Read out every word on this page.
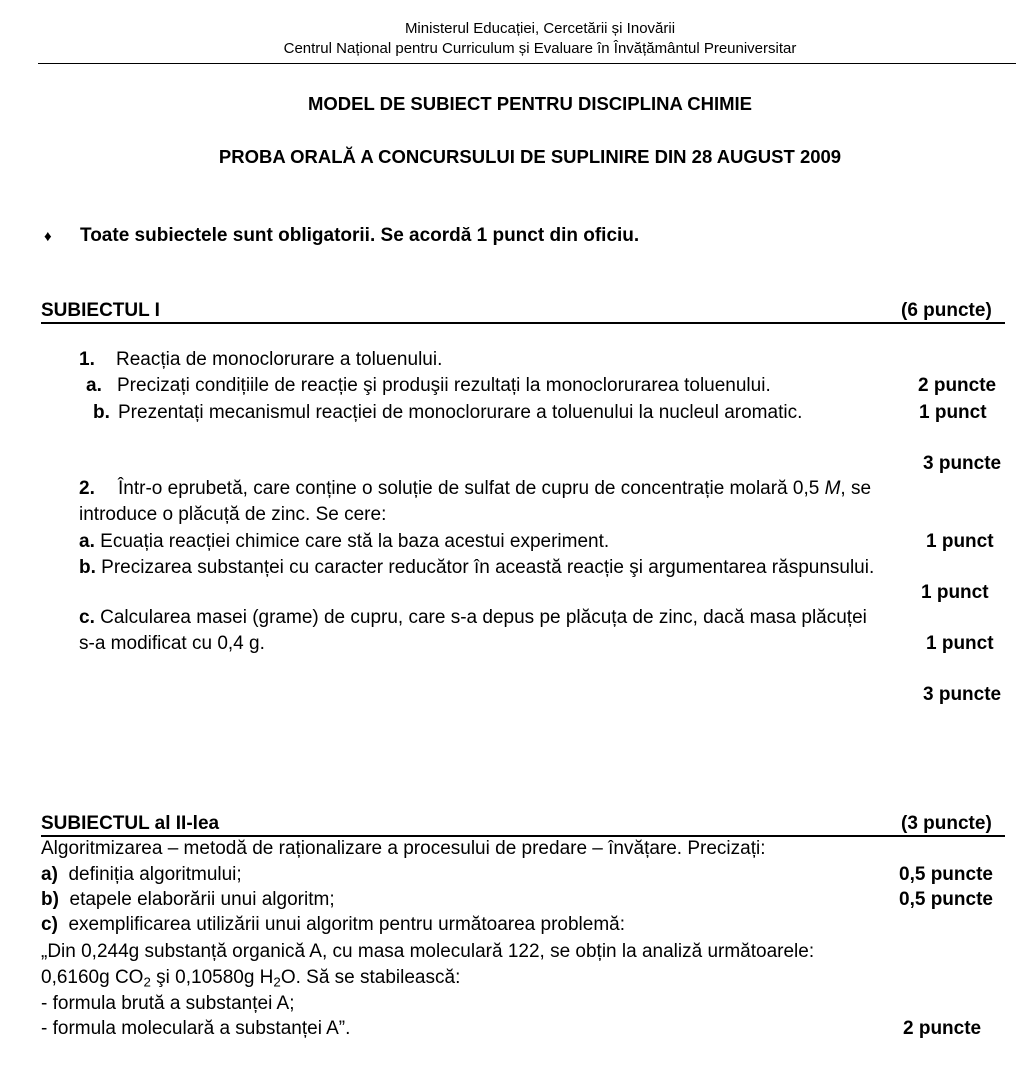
Ministerul Educației, Cercetării și Inovării
Centrul Național pentru Curriculum și Evaluare în Învățământul Preuniversitar
MODEL DE SUBIECT PENTRU DISCIPLINA CHIMIE
PROBA ORALĂ A CONCURSULUI DE SUPLINIRE DIN 28 AUGUST 2009
♦ Toate subiectele sunt obligatorii. Se acordă 1 punct din oficiu.
SUBIECTUL I	(6 puncte)
1. Reacția de monoclorurare a toluenului.
a. Precizați condițiile de reacție şi produşii rezultați la monoclorurarea toluenului.	2 puncte
b. Prezentați mecanismul reacției de monoclorurare a toluenului la nucleul aromatic.	1 punct
3 puncte
2. Într-o eprubetă, care conține o soluție de sulfat de cupru de concentrație molară 0,5 M, se
introduce o plăcuță de zinc. Se cere:
a. Ecuația reacției chimice care stă la baza acestui experiment.	1 punct
b. Precizarea substanței cu caracter reducător în această reacție şi argumentarea răspunsului.
1 punct
c. Calcularea masei (grame) de cupru, care s-a depus pe plăcuța de zinc, dacă masa plăcuței
s-a modificat cu 0,4 g.	1 punct
3 puncte
SUBIECTUL al II-lea	(3 puncte)
Algoritmizarea – metodă de raționalizare a procesului de predare – învățare. Precizați:
a) definiția algoritmului;	0,5 puncte
b) etapele elaborării unui algoritm;	0,5 puncte
c) exemplificarea utilizării unui algoritm pentru următoarea problemă:
„Din 0,244g substanță organică A, cu masa moleculară 122, se obțin la analiză următoarele:
0,6160g $CO_2$ şi 0,10580g $H_2O$. Să se stabilească:
- formula brută a substanței A;
- formula moleculară a substanței A”.	2 puncte
